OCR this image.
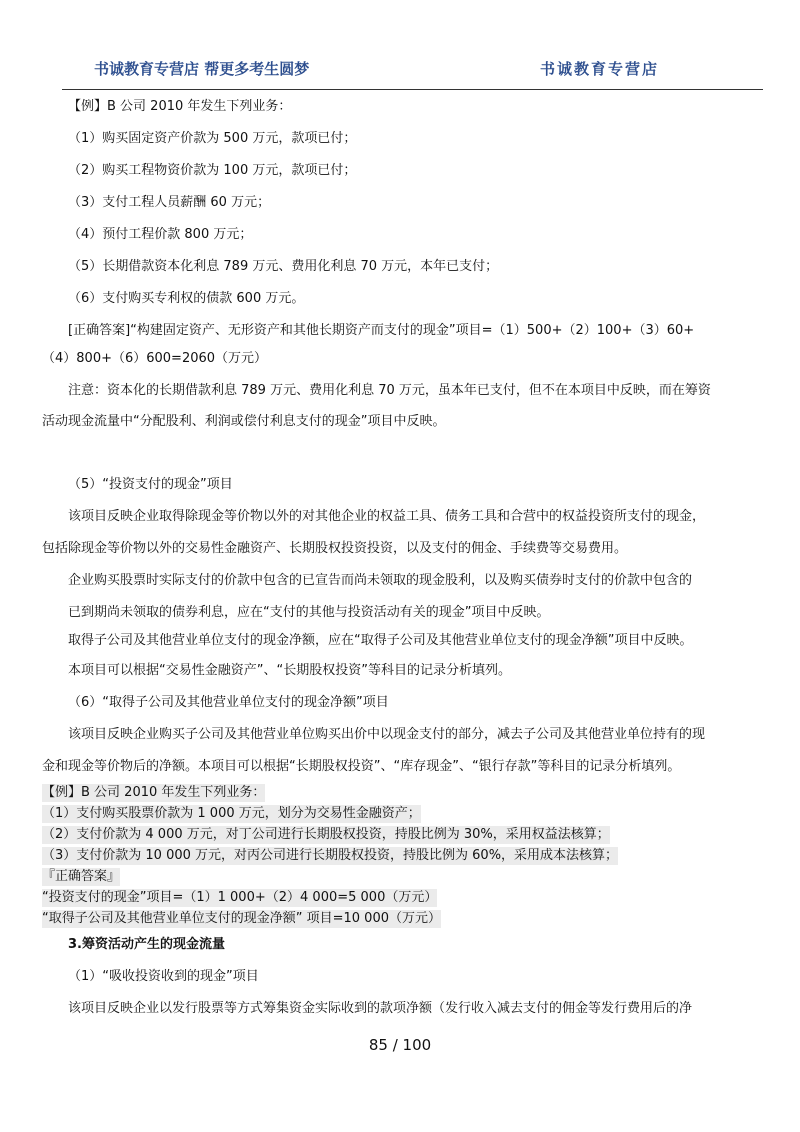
书诚教育专营店 帮更多考生圆梦	书诚教育专营店
【例】B 公司 2010 年发生下列业务：
（1）购买固定资产价款为 500 万元，款项已付；
（2）购买工程物资价款为 100 万元，款项已付；
（3）支付工程人员薪酬 60 万元；
（4）预付工程价款 800 万元；
（5）长期借款资本化利息 789 万元、费用化利息 70 万元，本年已支付；
（6）支付购买专利权的债款 600 万元。
[正确答案]“构建固定资产、无形资产和其他长期资产而支付的现金”项目=（1）500+（2）100+（3）60+
（4）800+（6）600=2060（万元）
注意：资本化的长期借款利息 789 万元、费用化利息 70 万元，虽本年已支付，但不在本项目中反映，而在筹资
活动现金流量中“分配股利、利润或偿付利息支付的现金”项目中反映。
（5）“投资支付的现金”项目
该项目反映企业取得除现金等价物以外的对其他企业的权益工具、债务工具和合营中的权益投资所支付的现金，
包括除现金等价物以外的交易性金融资产、长期股权投资投资，以及支付的佣金、手续费等交易费用。
企业购买股票时实际支付的价款中包含的已宣告而尚未领取的现金股利，以及购买债券时支付的价款中包含的
已到期尚未领取的债券利息，应在“支付的其他与投资活动有关的现金”项目中反映。
取得子公司及其他营业单位支付的现金净额，应在“取得子公司及其他营业单位支付的现金净额”项目中反映。
本项目可以根据“交易性金融资产”、“长期股权投资”等科目的记录分析填列。
（6）“取得子公司及其他营业单位支付的现金净额”项目
该项目反映企业购买子公司及其他营业单位购买出价中以现金支付的部分，减去子公司及其他营业单位持有的现
金和现金等价物后的净额。本项目可以根据“长期股权投资”、“库存现金”、“银行存款”等科目的记录分析填列。
【例】B 公司 2010 年发生下列业务：
（1）支付购买股票价款为 1 000 万元，划分为交易性金融资产；
（2）支付价款为 4 000 万元，对丁公司进行长期股权投资，持股比例为 30%，采用权益法核算；
（3）支付价款为 10 000 万元，对丙公司进行长期股权投资，持股比例为 60%，采用成本法核算；
『正确答案』
“投资支付的现金”项目=（1）1 000+（2）4 000=5 000（万元）
“取得子公司及其他营业单位支付的现金净额” 项目=10 000（万元）
3.筹资活动产生的现金流量
（1）“吸收投资收到的现金”项目
该项目反映企业以发行股票等方式筹集资金实际收到的款项净额（发行收入减去支付的佣金等发行费用后的净
85 / 100
